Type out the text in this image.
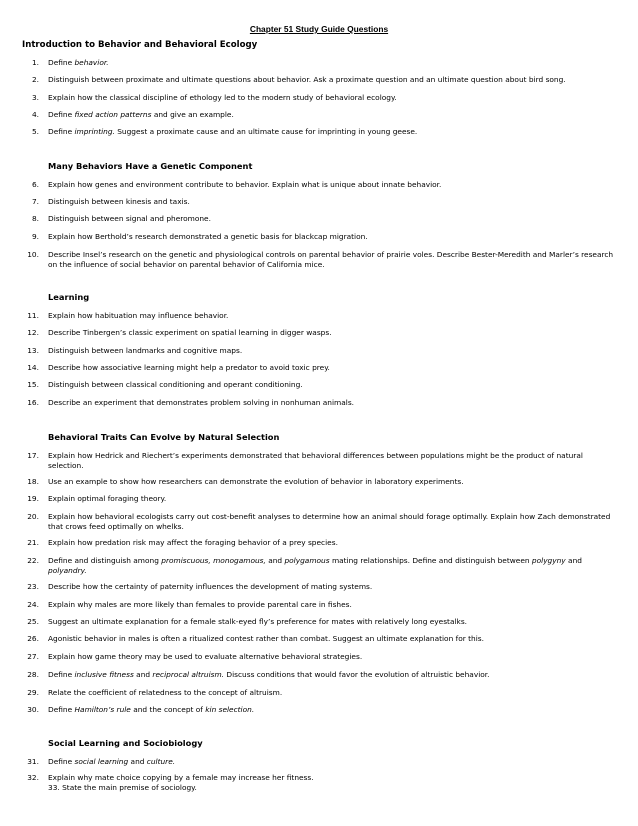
Chapter 51 Study Guide Questions
Introduction to Behavior and Behavioral Ecology
1. Define behavior.
2. Distinguish between proximate and ultimate questions about behavior. Ask a proximate question and an ultimate question about bird song.
3. Explain how the classical discipline of ethology led to the modern study of behavioral ecology.
4. Define fixed action patterns and give an example.
5. Define imprinting. Suggest a proximate cause and an ultimate cause for imprinting in young geese.
Many Behaviors Have a Genetic Component
6. Explain how genes and environment contribute to behavior. Explain what is unique about innate behavior.
7. Distinguish between kinesis and taxis.
8. Distinguish between signal and pheromone.
9. Explain how Berthold’s research demonstrated a genetic basis for blackcap migration.
10. Describe Insel’s research on the genetic and physiological controls on parental behavior of prairie voles. Describe Bester-Meredith and Marler’s research on the influence of social behavior on parental behavior of California mice.
Learning
11. Explain how habituation may influence behavior.
12. Describe Tinbergen’s classic experiment on spatial learning in digger wasps.
13. Distinguish between landmarks and cognitive maps.
14. Describe how associative learning might help a predator to avoid toxic prey.
15. Distinguish between classical conditioning and operant conditioning.
16. Describe an experiment that demonstrates problem solving in nonhuman animals.
Behavioral Traits Can Evolve by Natural Selection
17. Explain how Hedrick and Riechert’s experiments demonstrated that behavioral differences between populations might be the product of natural selection.
18. Use an example to show how researchers can demonstrate the evolution of behavior in laboratory experiments.
19. Explain optimal foraging theory.
20. Explain how behavioral ecologists carry out cost-benefit analyses to determine how an animal should forage optimally. Explain how Zach demonstrated that crows feed optimally on whelks.
21. Explain how predation risk may affect the foraging behavior of a prey species.
22. Define and distinguish among promiscuous, monogamous, and polygamous mating relationships. Define and distinguish between polygyny and polyandry.
23. Describe how the certainty of paternity influences the development of mating systems.
24. Explain why males are more likely than females to provide parental care in fishes.
25. Suggest an ultimate explanation for a female stalk-eyed fly’s preference for mates with relatively long eyestalks.
26. Agonistic behavior in males is often a ritualized contest rather than combat. Suggest an ultimate explanation for this.
27. Explain how game theory may be used to evaluate alternative behavioral strategies.
28. Define inclusive fitness and reciprocal altruism. Discuss conditions that would favor the evolution of altruistic behavior.
29. Relate the coefficient of relatedness to the concept of altruism.
30. Define Hamilton’s rule and the concept of kin selection.
Social Learning and Sociobiology
31. Define social learning and culture.
32. Explain why mate choice copying by a female may increase her fitness.
33. State the main premise of sociology.
